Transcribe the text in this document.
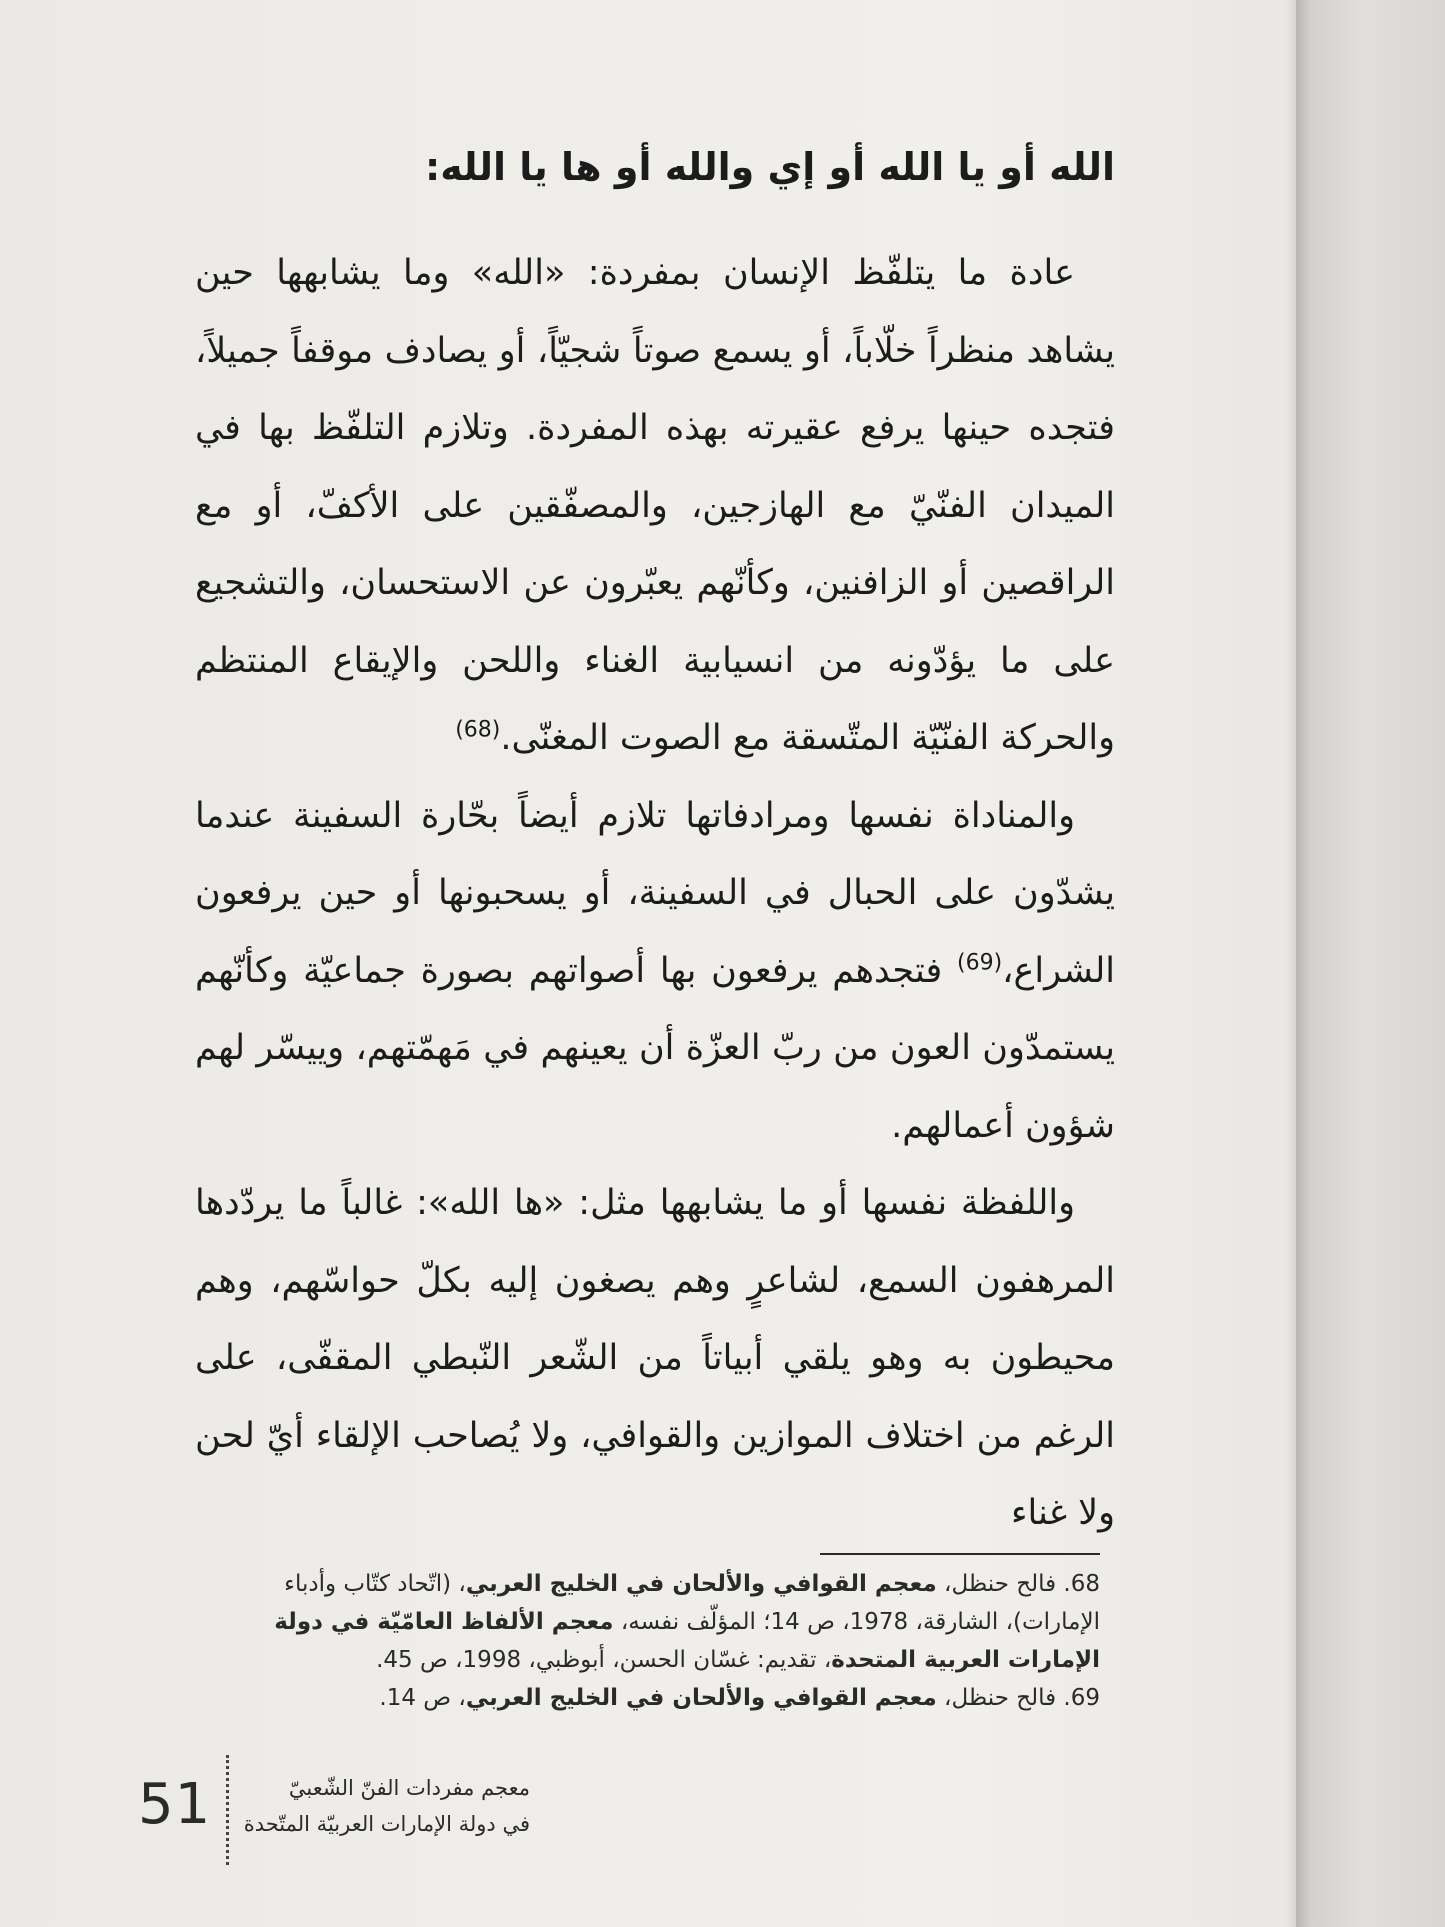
الله أو يا الله أو إي والله أو ها يا الله:

عادة ما يتلفّظ الإنسان بمفردة: «الله» وما يشابهها حين يشاهد منظراً خلّاباً، أو يسمع صوتاً شجيّاً، أو يصادف موقفاً جميلاً، فتجده حينها يرفع عقيرته بهذه المفردة. وتلازم التلفّظ بها في الميدان الفنّيّ مع الهازجين، والمصفّقين على الأكفّ، أو مع الراقصين أو الزافنين، وكأنّهم يعبّرون عن الاستحسان، والتشجيع على ما يؤدّونه من انسيابية الغناء واللحن والإيقاع المنتظم والحركة الفنّيّة المتّسقة مع الصوت المغنّى.$^{(68)}$

والمناداة نفسها ومرادفاتها تلازم أيضاً بحّارة السفينة عندما يشدّون على الحبال في السفينة، أو يسحبونها أو حين يرفعون الشراع،$^{(69)}$ فتجدهم يرفعون بها أصواتهم بصورة جماعيّة وكأنّهم يستمدّون العون من ربّ العزّة أن يعينهم في مَهمّتهم، وييسّر لهم شؤون أعمالهم.

واللفظة نفسها أو ما يشابهها مثل: «ها الله»: غالباً ما يردّدها المرهفون السمع، لشاعرٍ وهم يصغون إليه بكلّ حواسّهم، وهم محيطون به وهو يلقي أبياتاً من الشّعر النّبطي المقفّى، على الرغم من اختلاف الموازين والقوافي، ولا يُصاحب الإلقاء أيّ لحن ولا غناء

68. فالح حنظل، معجم القوافي والألحان في الخليج العربي، (اتّحاد كتّاب وأدباء الإمارات)، الشارقة، 1978، ص 14؛ المؤلّف نفسه، معجم الألفاظ العامّيّة في دولة الإمارات العربية المتحدة، تقديم: غسّان الحسن، أبوظبي، 1998، ص 45.

69. فالح حنظل، معجم القوافي والألحان في الخليج العربي، ص 14.

51	معجم مفردات الفنّ الشّعبيّ
في دولة الإمارات العربيّة المتّحدة
